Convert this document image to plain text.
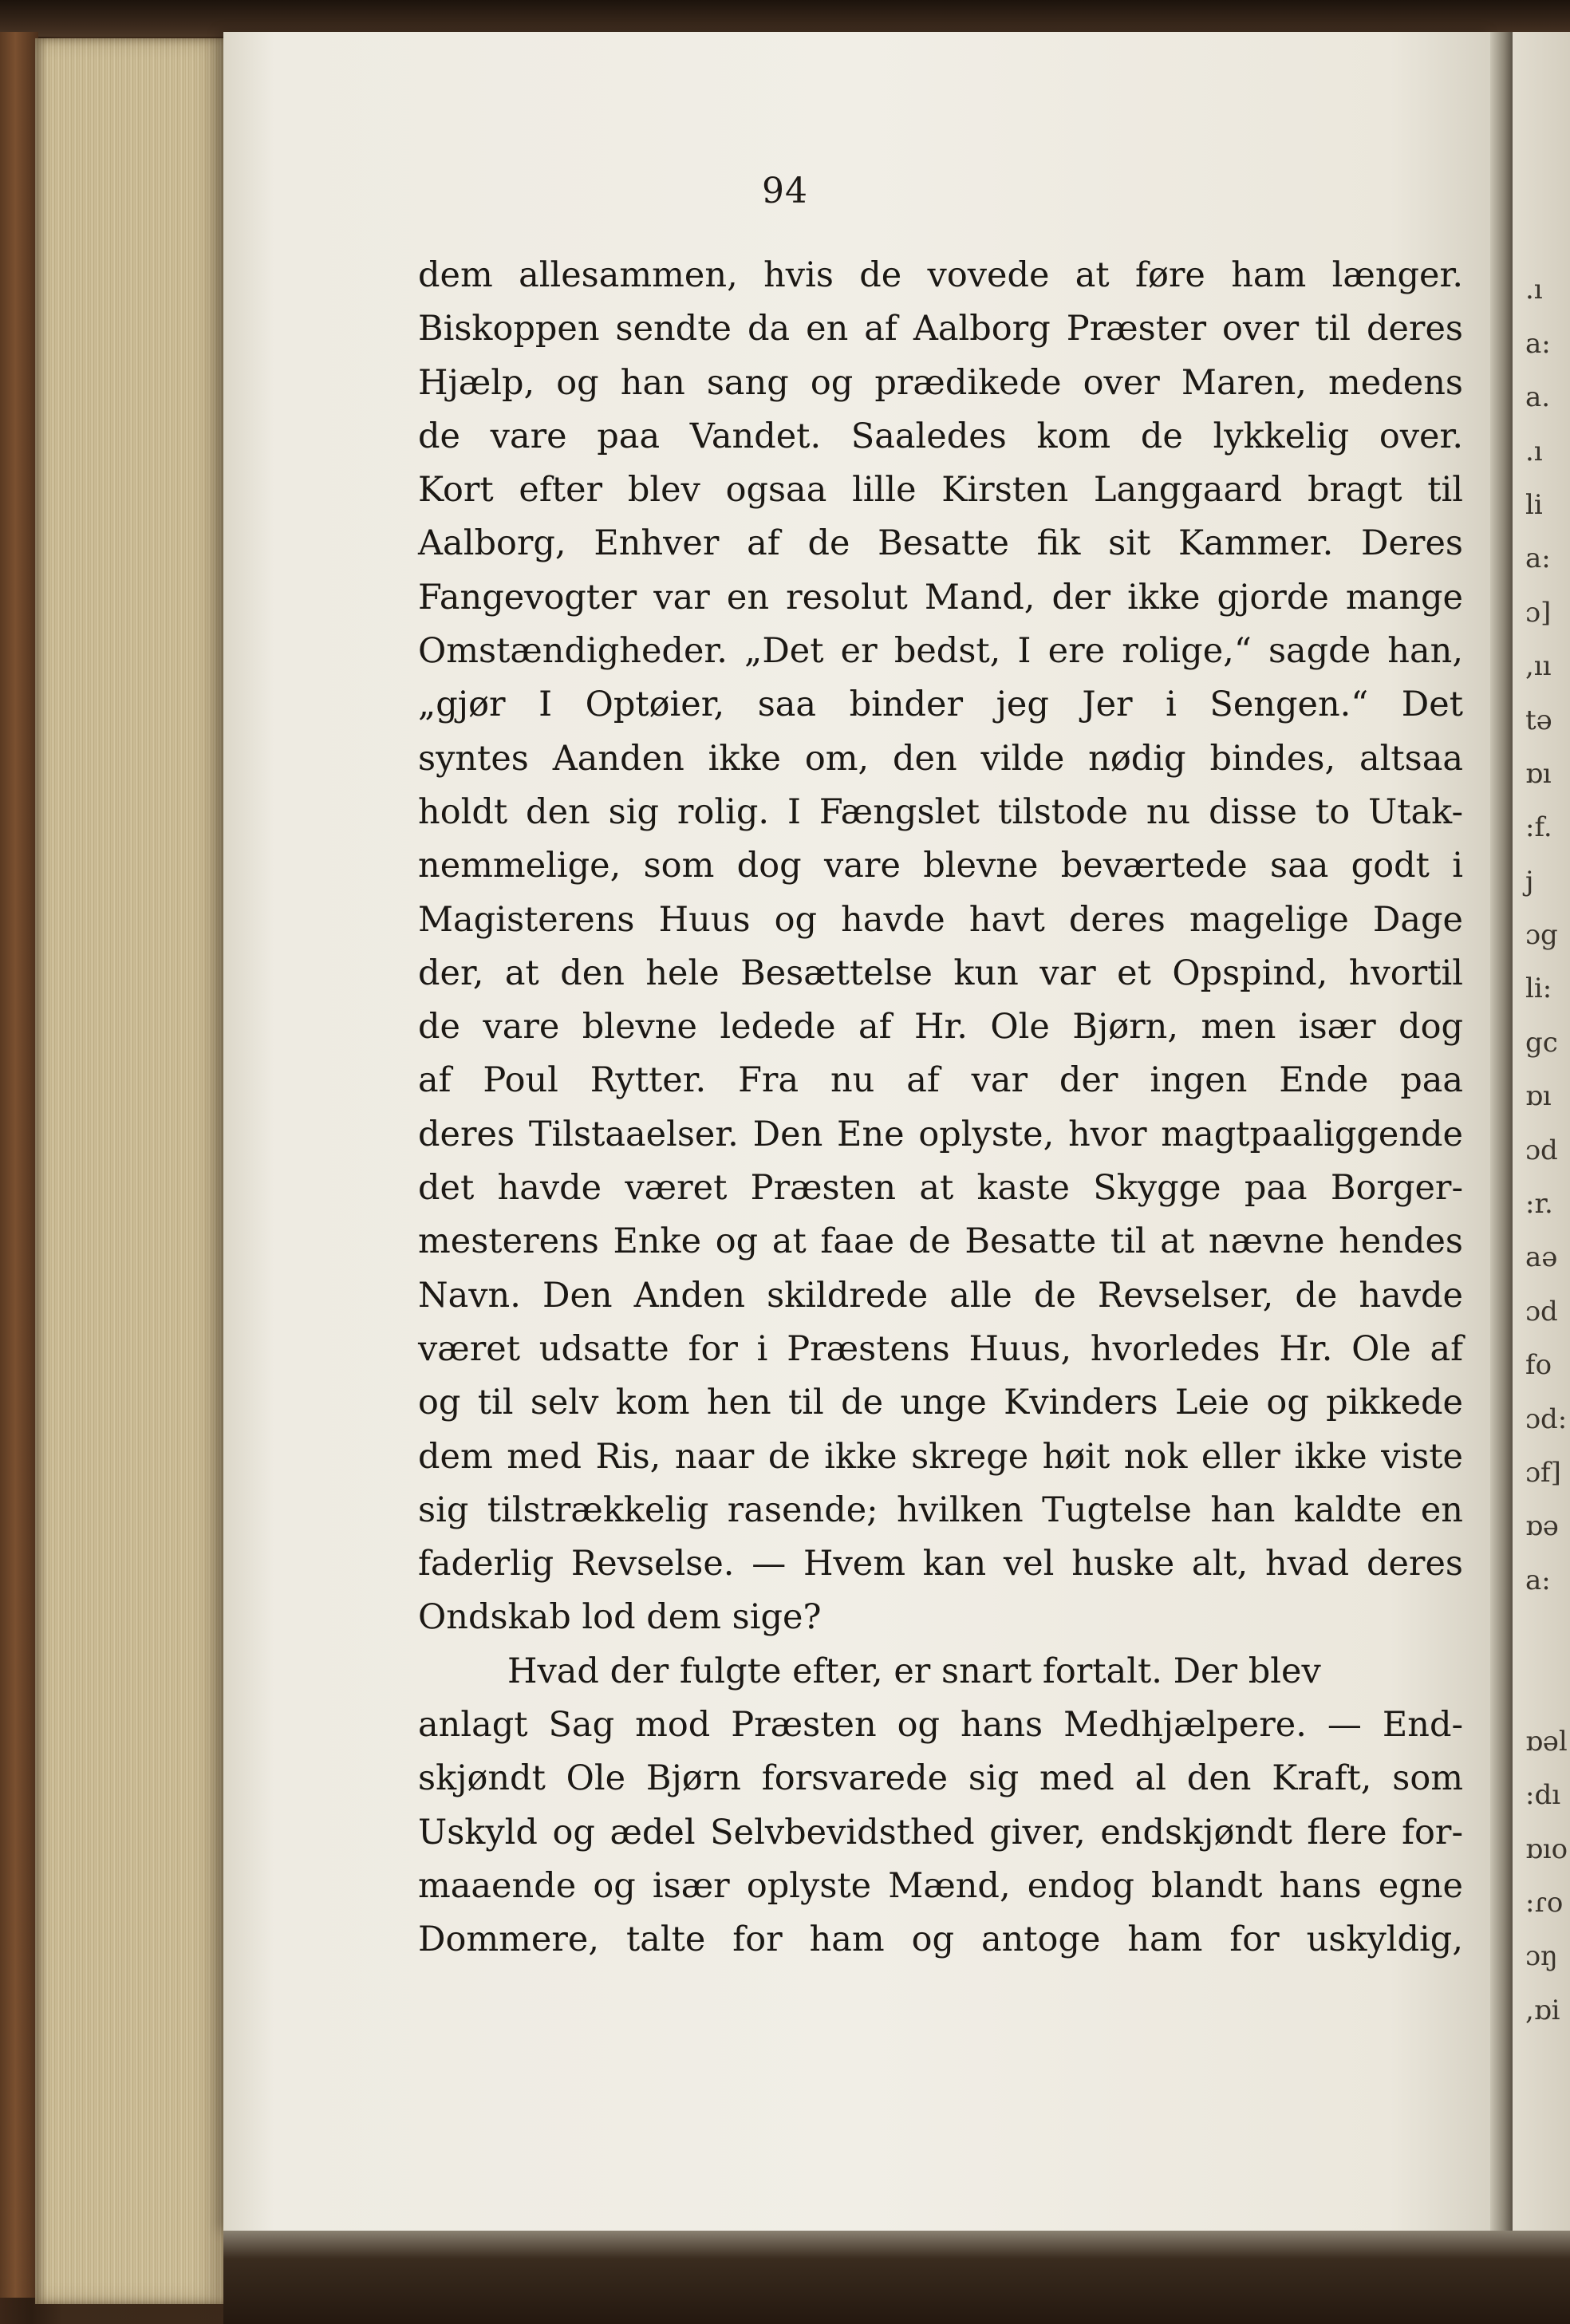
94
dem allesammen, hvis de vovede at føre ham længer.
Biskoppen sendte da en af Aalborg Præster over til deres
Hjælp, og han sang og prædikede over Maren, medens
de vare paa Vandet. Saaledes kom de lykkelig over.
Kort efter blev ogsaa lille Kirsten Langgaard bragt til
Aalborg, Enhver af de Besatte fik sit Kammer. Deres
Fangevogter var en resolut Mand, der ikke gjorde mange
Omstændigheder. „Det er bedst, I ere rolige,“ sagde han,
„gjør I Optøier, saa binder jeg Jer i Sengen.“ Det
syntes Aanden ikke om, den vilde nødig bindes, altsaa
holdt den sig rolig. I Fængslet tilstode nu disse to Utak-
nemmelige, som dog vare blevne beværtede saa godt i
Magisterens Huus og havde havt deres magelige Dage
der, at den hele Besættelse kun var et Opspind, hvortil
de vare blevne ledede af Hr. Ole Bjørn, men især dog
af Poul Rytter. Fra nu af var der ingen Ende paa
deres Tilstaaelser. Den Ene oplyste, hvor magtpaaliggende
det havde været Præsten at kaste Skygge paa Borger-
mesterens Enke og at faae de Besatte til at nævne hendes
Navn. Den Anden skildrede alle de Revselser, de havde
været udsatte for i Præstens Huus, hvorledes Hr. Ole af
og til selv kom hen til de unge Kvinders Leie og pikkede
dem med Ris, naar de ikke skrege høit nok eller ikke viste
sig tilstrækkelig rasende; hvilken Tugtelse han kaldte en
faderlig Revselse. — Hvem kan vel huske alt, hvad deres
Ondskab lod dem sige?
Hvad der fulgte efter, er snart fortalt. Der blev
anlagt Sag mod Præsten og hans Medhjælpere. — End-
skjøndt Ole Bjørn forsvarede sig med al den Kraft, som
Uskyld og ædel Selvbevidsthed giver, endskjøndt flere for-
maaende og især oplyste Mænd, endog blandt hans egne
Dommere, talte for ham og antoge ham for uskyldig,
.ı
a:
a.
.ı
li
a:
ɔ]
,ıı
tə
ɒı
:f.
j
ɔg
li:
gc
ɒı
ɔd
:r.
aə
ɔd
fo
ɔd:
ɔf]
ɒə
a:
ɒəl
:dı
ɒıo
:ɾo
ɔŋ
,ɒi
